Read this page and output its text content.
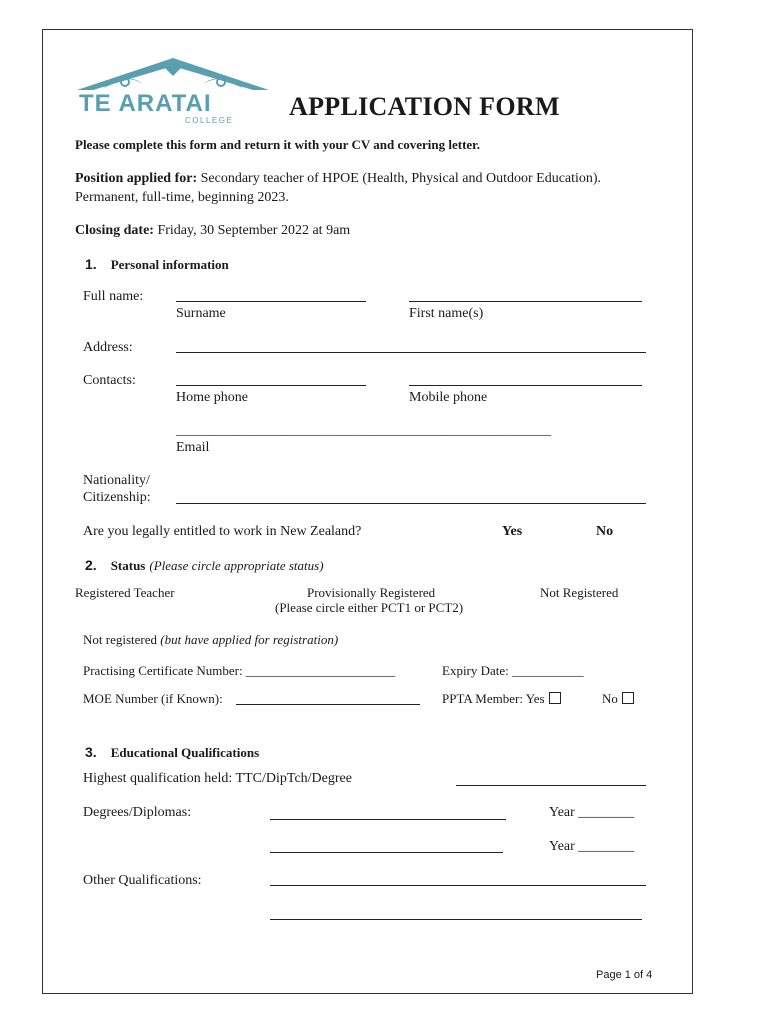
TE ARATAI
COLLEGE APPLICATION FORM
Please complete this form and return it with your CV and covering letter.
Position applied for: Secondary teacher of HPOE (Health, Physical and Outdoor Education).
Permanent, full-time, beginning 2023.
Closing date: Friday, 30 September 2022 at 9am
1. Personal information
Full name:
Surname	First name(s)
Address:
Contacts:
Home phone	Mobile phone
_______________________________________________________________
Email
Nationality/
Citizenship:
Are you legally entitled to work in New Zealand?	Yes	No
2. Status (Please circle appropriate status)
Registered Teacher	Provisionally Registered
(Please circle either PCT1 or PCT2)
Not Registered
Not registered (but have applied for registration)
Practising Certificate Number: _______________________	Expiry Date: ___________
MOE Number (if Known):	PPTA Member: Yes	No
3. Educational Qualifications
Highest qualification held: TTC/DipTch/Degree
Degrees/Diplomas:	Year ________
Year ________
Other Qualifications:
Page 1 of 4
